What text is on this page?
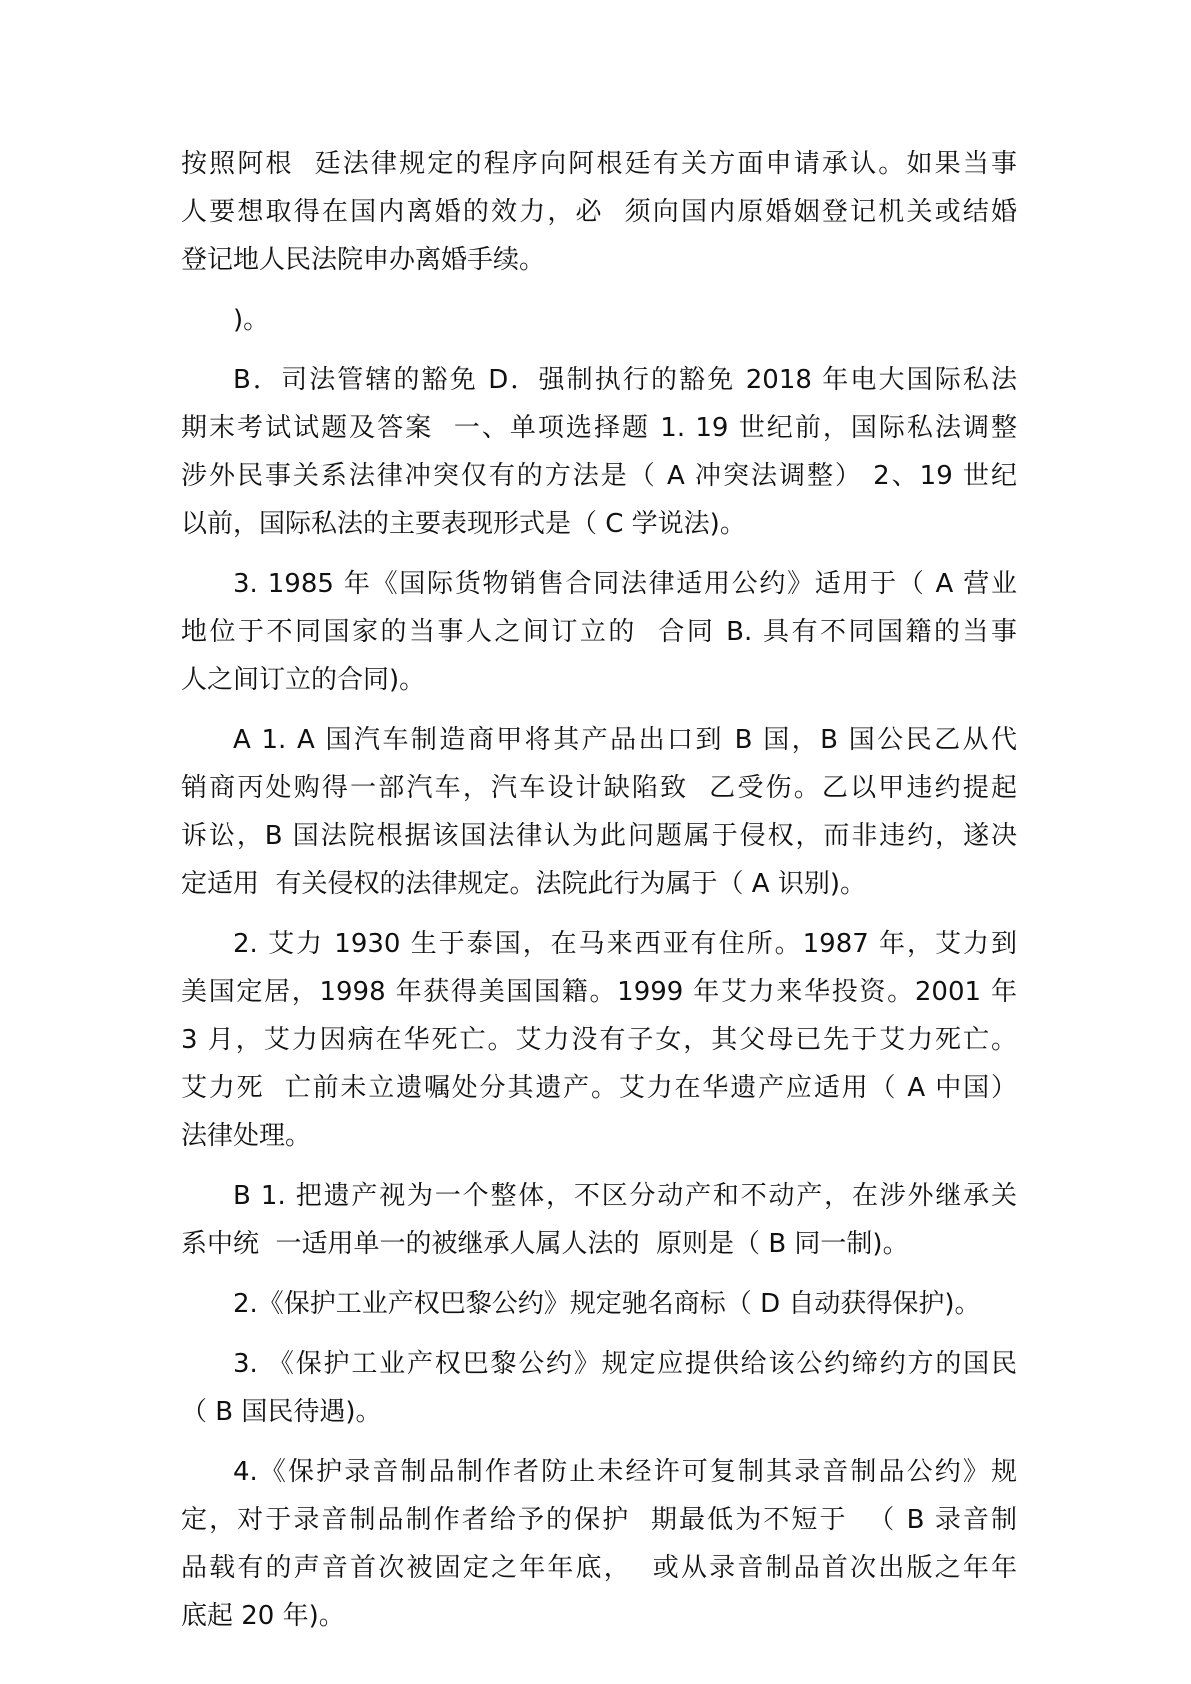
按照阿根  廷法律规定的程序向阿根廷有关方面申请承认。如果当事
人要想取得在国内离婚的效力，必  须向国内原婚姻登记机关或结婚
登记地人民法院申办离婚手续。
)。
B．司法管辖的豁免 D．强制执行的豁免 2018 年电大国际私法
期末考试试题及答案  一、单项选择题 1. 19 世纪前，国际私法调整
涉外民事关系法律冲突仅有的方法是（ A 冲突法调整） 2、19 世纪
以前，国际私法的主要表现形式是（ C 学说法)。
3. 1985 年《国际货物销售合同法律适用公约》适用于（ A 营业
地位于不同国家的当事人之间订立的  合同 B. 具有不同国籍的当事
人之间订立的合同)。
A 1. A 国汽车制造商甲将其产品出口到 B 国，B 国公民乙从代
销商丙处购得一部汽车，汽车设计缺陷致  乙受伤。乙以甲违约提起
诉讼，B 国法院根据该国法律认为此问题属于侵权，而非违约，遂决
定适用  有关侵权的法律规定。法院此行为属于（ A 识别)。
2. 艾力 1930 生于泰国，在马来西亚有住所。1987 年，艾力到
美国定居，1998 年获得美国国籍。1999 年艾力来华投资。2001 年
3 月，艾力因病在华死亡。艾力没有子女，其父母已先于艾力死亡。
艾力死  亡前未立遗嘱处分其遗产。艾力在华遗产应适用（ A 中国）
法律处理。
B 1. 把遗产视为一个整体，不区分动产和不动产，在涉外继承关
系中统  一适用单一的被继承人属人法的  原则是（ B 同一制)。
2.《保护工业产权巴黎公约》规定驰名商标（ D 自动获得保护)。
3. 《保护工业产权巴黎公约》规定应提供给该公约缔约方的国民
（ B 国民待遇)。
4.《保护录音制品制作者防止未经许可复制其录音制品公约》规
定，对于录音制品制作者给予的保护  期最低为不短于  （ B 录音制
品载有的声音首次被固定之年年底，  或从录音制品首次出版之年年
底起 20 年)。
